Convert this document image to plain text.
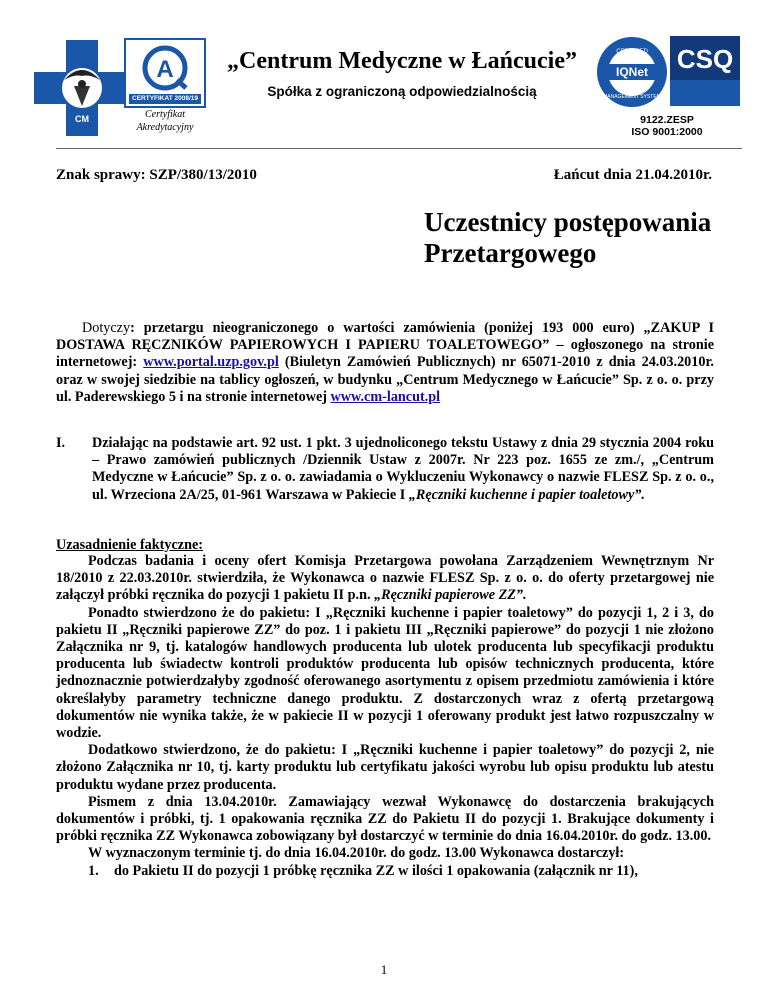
CM
A
CERTYFIKAT 2008/19
Certyfikat
Akredytacyjny
„Centrum Medyczne w Łańcucie”
Spółka z ograniczoną odpowiedzialnością
CERTIFIED
MANAGEMENT SYSTEM
IQNet	CSQ
9122.ZESP
ISO 9001:2000
Znak sprawy: SZP/380/13/2010	Łańcut dnia 21.04.2010r.
Uczestnicy postępowania
Przetargowego

Dotyczy: przetargu nieograniczonego o wartości zamówienia (poniżej 193 000 euro) „ZAKUP I DOSTAWA RĘCZNIKÓW PAPIEROWYCH I PAPIERU TOALETOWEGO” – ogłoszonego na stronie internetowej: www.portal.uzp.gov.pl (Biuletyn Zamówień Publicznych) nr 65071-2010 z dnia 24.03.2010r. oraz w swojej siedzibie na tablicy ogłoszeń, w budynku „Centrum Medycznego w Łańcucie” Sp. z o. o. przy ul. Paderewskiego 5 i na stronie internetowej www.cm-lancut.pl

I. Działając na podstawie art. 92 ust. 1 pkt. 3 ujednoliconego tekstu Ustawy z dnia 29 stycznia 2004 roku – Prawo zamówień publicznych /Dziennik Ustaw z 2007r. Nr 223 poz. 1655 ze zm./, „Centrum Medyczne w Łańcucie” Sp. z o. o. zawiadamia o Wykluczeniu Wykonawcy o nazwie FLESZ Sp. z o. o., ul. Wrzeciona 2A/25, 01-961 Warszawa w Pakiecie I „Ręczniki kuchenne i papier toaletowy”.

Uzasadnienie faktyczne:

Podczas badania i oceny ofert Komisja Przetargowa powołana Zarządzeniem Wewnętrznym Nr 18/2010 z 22.03.2010r. stwierdziła, że Wykonawca o nazwie FLESZ Sp. z o. o. do oferty przetargowej nie załączył próbki ręcznika do pozycji 1 pakietu II p.n. „Ręczniki papierowe ZZ”.

Ponadto stwierdzono że do pakietu: I „Ręczniki kuchenne i papier toaletowy” do pozycji 1, 2 i 3, do pakietu II „Ręczniki papierowe ZZ” do poz. 1 i pakietu III „Ręczniki papierowe” do pozycji 1 nie złożono Załącznika nr 9, tj. katalogów handlowych producenta lub ulotek producenta lub specyfikacji produktu producenta lub świadectw kontroli produktów producenta lub opisów technicznych producenta, które jednoznacznie potwierdzałyby zgodność oferowanego asortymentu z opisem przedmiotu zamówienia i które określałyby parametry techniczne danego produktu. Z dostarczonych wraz z ofertą przetargową dokumentów nie wynika także, że w pakiecie II w pozycji 1 oferowany produkt jest łatwo rozpuszczalny w wodzie.

Dodatkowo stwierdzono, że do pakietu: I „Ręczniki kuchenne i papier toaletowy” do pozycji 2, nie złożono Załącznika nr 10, tj. karty produktu lub certyfikatu jakości wyrobu lub opisu produktu lub atestu produktu wydane przez producenta.

Pismem z dnia 13.04.2010r. Zamawiający wezwał Wykonawcę do dostarczenia brakujących dokumentów i próbki, tj. 1 opakowania ręcznika ZZ do Pakietu II do pozycji 1. Brakujące dokumenty i próbki ręcznika ZZ Wykonawca zobowiązany był dostarczyć w terminie do dnia 16.04.2010r. do godz. 13.00.

W wyznaczonym terminie tj. do dnia 16.04.2010r. do godz. 13.00 Wykonawca dostarczył:

1. do Pakietu II do pozycji 1 próbkę ręcznika ZZ w ilości 1 opakowania (załącznik nr 11),

1
